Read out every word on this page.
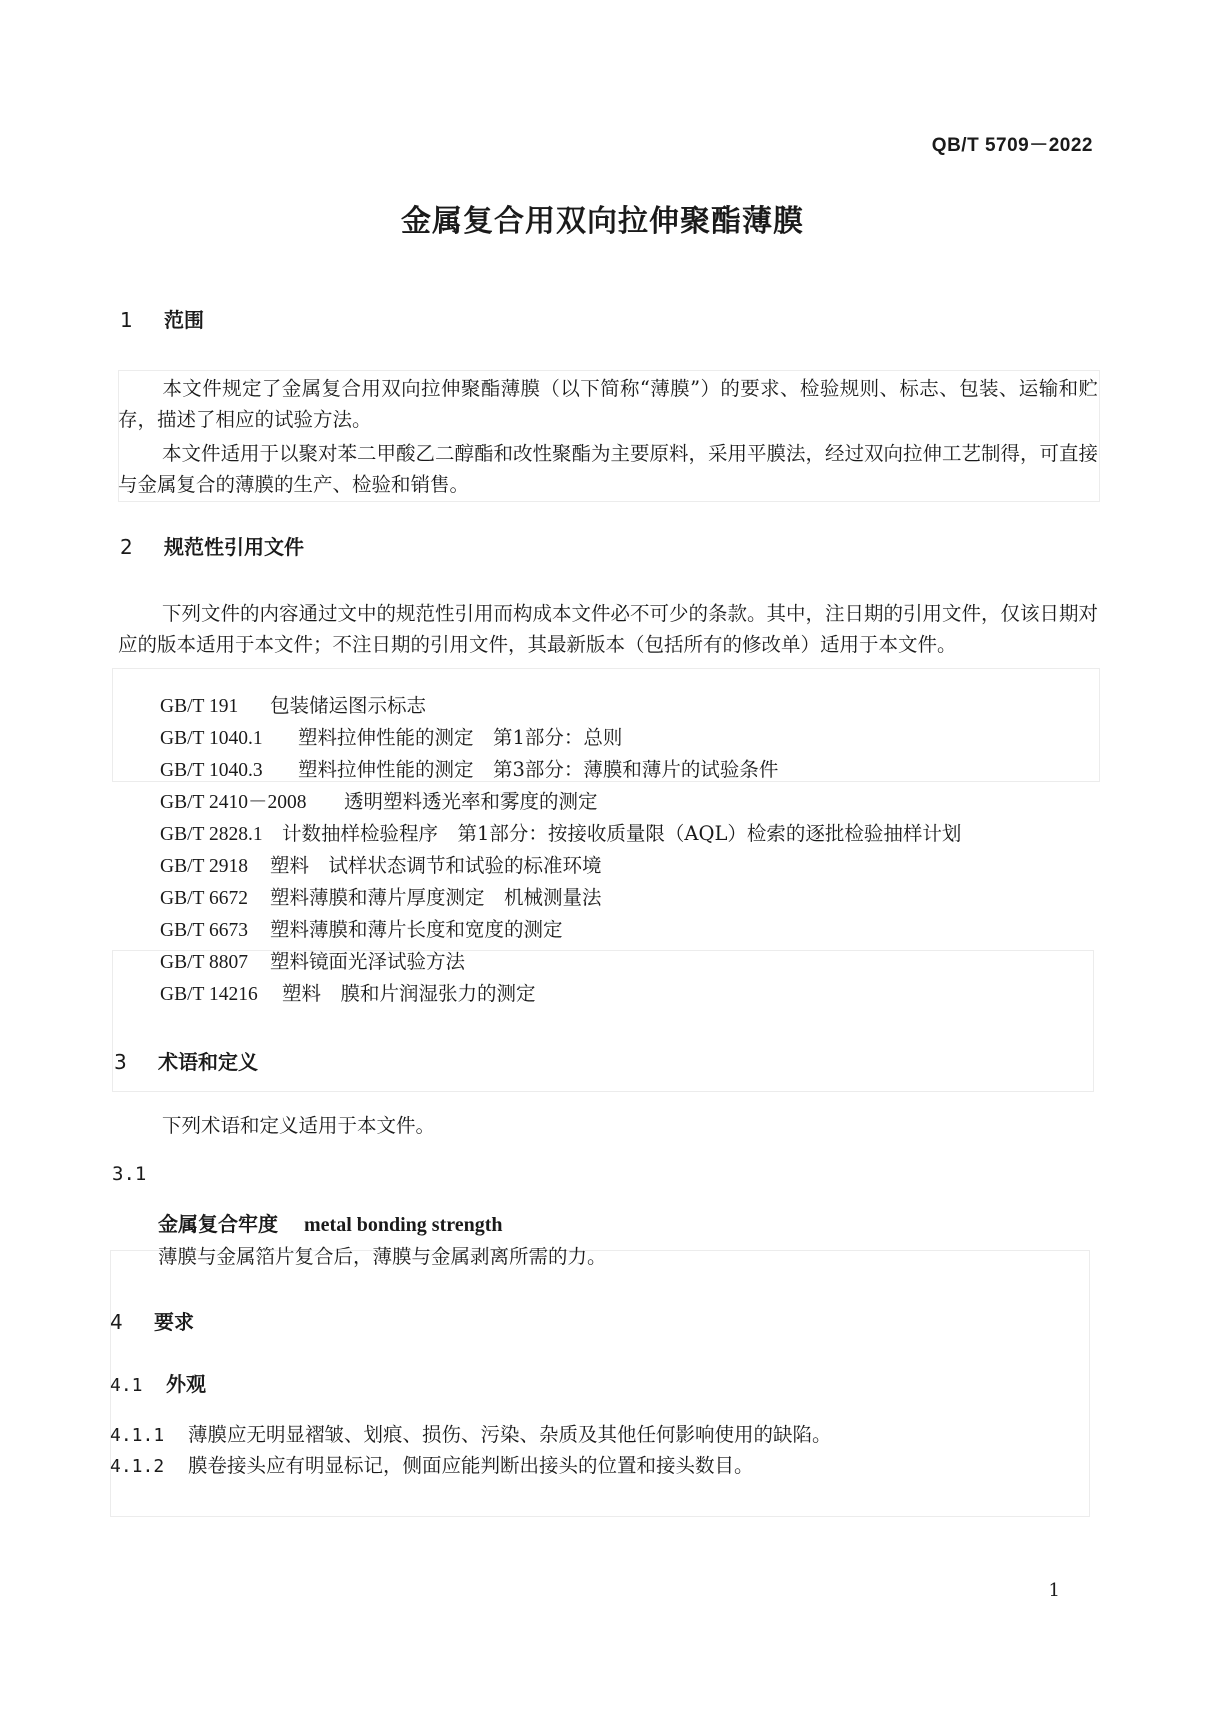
QB/T 5709－2022
金属复合用双向拉伸聚酯薄膜
1 范围
本文件规定了金属复合用双向拉伸聚酯薄膜（以下简称“薄膜”）的要求、检验规则、标志、包装、运输和贮存，描述了相应的试验方法。
本文件适用于以聚对苯二甲酸乙二醇酯和改性聚酯为主要原料，采用平膜法，经过双向拉伸工艺制得，可直接与金属复合的薄膜的生产、检验和销售。
2 规范性引用文件
下列文件的内容通过文中的规范性引用而构成本文件必不可少的条款。其中，注日期的引用文件，仅该日期对应的版本适用于本文件；不注日期的引用文件，其最新版本（包括所有的修改单）适用于本文件。
GB/T 191 包装储运图示标志
GB/T 1040.1 塑料拉伸性能的测定　第1部分：总则
GB/T 1040.3 塑料拉伸性能的测定　第3部分：薄膜和薄片的试验条件
GB/T 2410－2008 透明塑料透光率和雾度的测定
GB/T 2828.1 计数抽样检验程序　第1部分：按接收质量限（AQL）检索的逐批检验抽样计划
GB/T 2918 塑料　试样状态调节和试验的标准环境
GB/T 6672 塑料薄膜和薄片厚度测定　机械测量法
GB/T 6673 塑料薄膜和薄片长度和宽度的测定
GB/T 8807 塑料镜面光泽试验方法
GB/T 14216 塑料　膜和片润湿张力的测定
3 术语和定义
下列术语和定义适用于本文件。
3.1
金属复合牢度 metal bonding strength
薄膜与金属箔片复合后，薄膜与金属剥离所需的力。
4 要求
4.1 外观
4.1.1 薄膜应无明显褶皱、划痕、损伤、污染、杂质及其他任何影响使用的缺陷。
4.1.2 膜卷接头应有明显标记，侧面应能判断出接头的位置和接头数目。
1
